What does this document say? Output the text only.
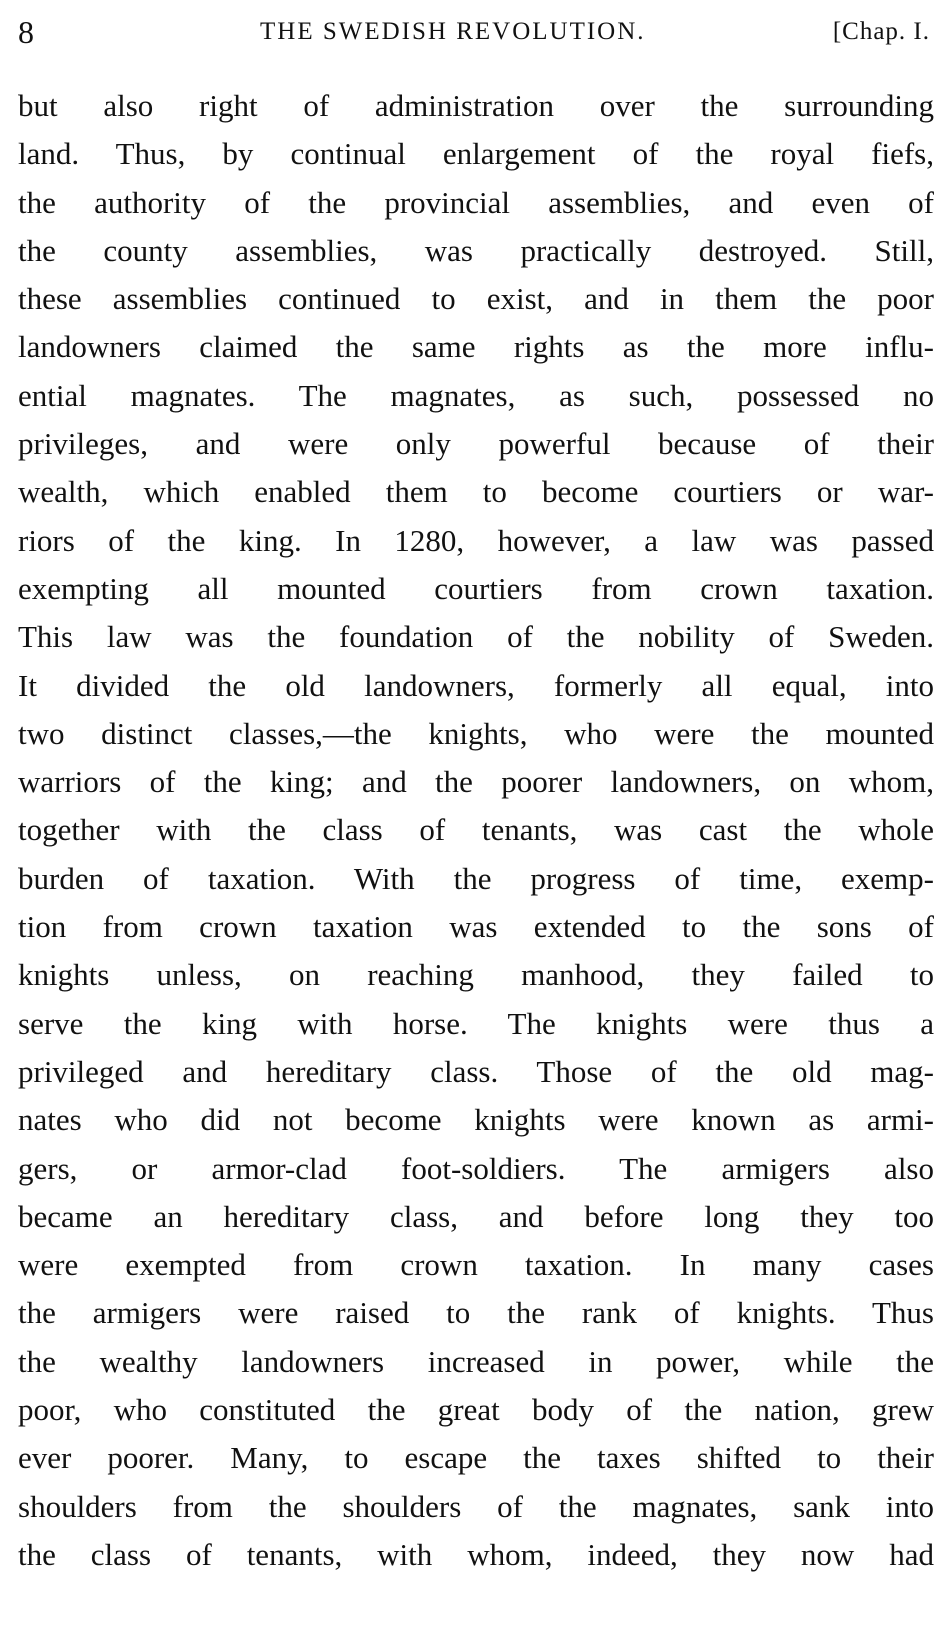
8	THE SWEDISH REVOLUTION.	[Chap. I.
but also right of administration over the surrounding
land. Thus, by continual enlargement of the royal fiefs,
the authority of the provincial assemblies, and even of
the county assemblies, was practically destroyed. Still,
these assemblies continued to exist, and in them the poor
landowners claimed the same rights as the more influ-
ential magnates. The magnates, as such, possessed no
privileges, and were only powerful because of their
wealth, which enabled them to become courtiers or war-
riors of the king. In 1280, however, a law was passed
exempting all mounted courtiers from crown taxation.
This law was the foundation of the nobility of Sweden.
It divided the old landowners, formerly all equal, into
two distinct classes,—the knights, who were the mounted
warriors of the king; and the poorer landowners, on whom,
together with the class of tenants, was cast the whole
burden of taxation. With the progress of time, exemp-
tion from crown taxation was extended to the sons of
knights unless, on reaching manhood, they failed to
serve the king with horse. The knights were thus a
privileged and hereditary class. Those of the old mag-
nates who did not become knights were known as armi-
gers, or armor-clad foot-soldiers. The armigers also
became an hereditary class, and before long they too
were exempted from crown taxation. In many cases
the armigers were raised to the rank of knights. Thus
the wealthy landowners increased in power, while the
poor, who constituted the great body of the nation, grew
ever poorer. Many, to escape the taxes shifted to their
shoulders from the shoulders of the magnates, sank into
the class of tenants, with whom, indeed, they now had
